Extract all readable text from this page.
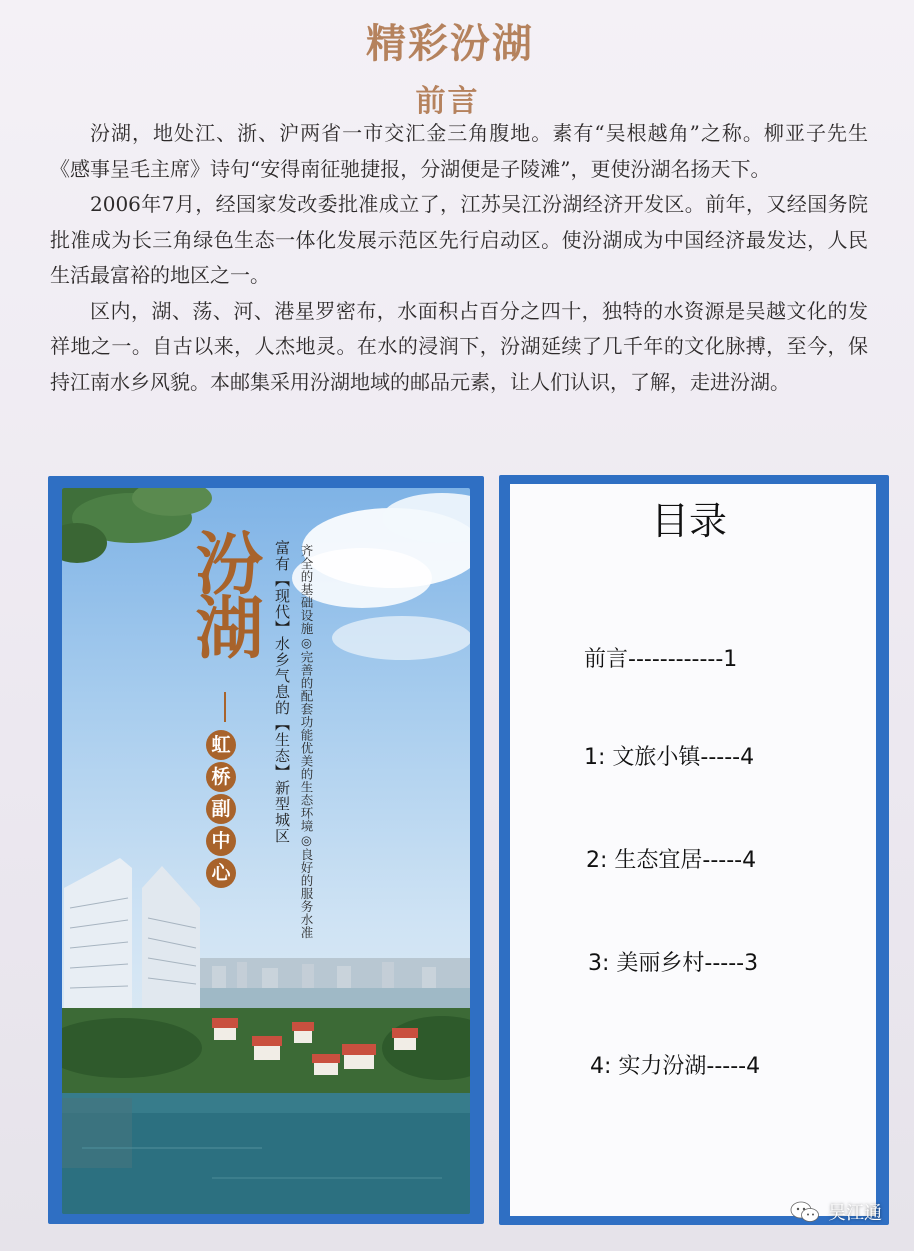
精彩汾湖
前言

汾湖，地处江、浙、沪两省一市交汇金三角腹地。素有“吴根越角”之称。柳亚子先生《感事呈毛主席》诗句“安得南征驰捷报，分湖便是子陵滩”，更使汾湖名扬天下。

2006年7月，经国家发改委批准成立了，江苏吴江汾湖经济开发区。前年，又经国务院批准成为长三角绿色生态一体化发展示范区先行启动区。使汾湖成为中国经济最发达，人民生活最富裕的地区之一。

区内，湖、荡、河、港星罗密布，水面积占百分之四十，独特的水资源是吴越文化的发祥地之一。自古以来，人杰地灵。在水的浸润下，汾湖延续了几千年的文化脉搏，至今，保持江南水乡风貌。本邮集采用汾湖地域的邮品元素，让人们认识，了解，走进汾湖。

汾湖
虹
桥
副
中
心
富有【现代】水乡气息的【生态】新型城区 齐全的基础设施◎完善的配套功能优美的生态环境◎良好的服务水准
目录
前言------------1
1: 文旅小镇-----4
2: 生态宜居-----4
3: 美丽乡村-----3
4: 实力汾湖-----4
吴江通
